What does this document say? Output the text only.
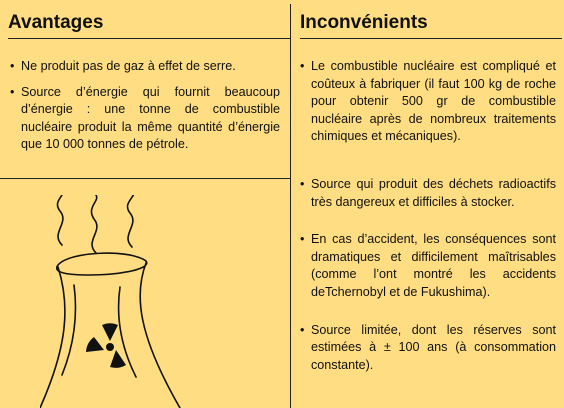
Avantages
• Ne produit pas de gaz à effet de serre.
• Source d’énergie qui fournit beaucoup d’énergie : une tonne de combustible nucléaire produit la même quantité d’énergie que 10 000 tonnes de pétrole.
Inconvénients
• Le combustible nucléaire est compliqué et coûteux à fabriquer (il faut 100 kg de roche pour obtenir 500 gr de combustible nucléaire après de nombreux traitements chimiques et mécaniques).
• Source qui produit des déchets radioactifs très dangereux et difficiles à stocker.
• En cas d’accident, les conséquences sont dramatiques et difficilement maîtrisables (comme l’ont montré les accidents deTchernobyl et de Fukushima).
• Source limitée, dont les réserves sont estimées à ± 100 ans (à consommation constante).
